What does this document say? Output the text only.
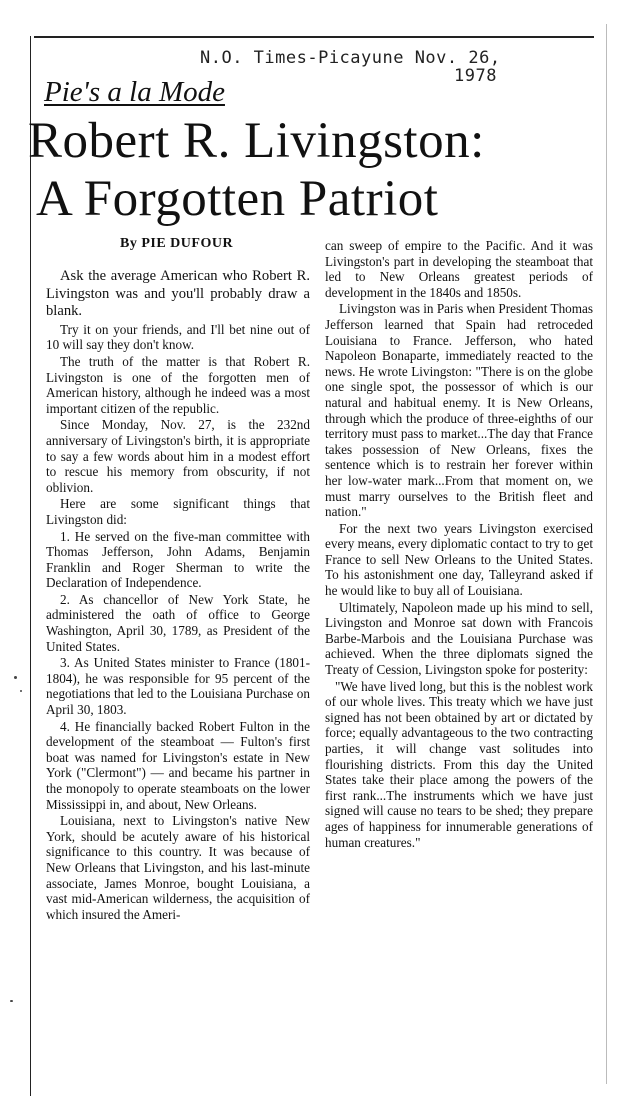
N.O. Times-Picayune Nov. 26,
1978
Pie's a la Mode
Robert R. Livingston:
A Forgotten Patriot
By PIE DUFOUR

Ask the average American who Robert R. Livingston was and you'll probably draw a blank.

Try it on your friends, and I'll bet nine out of 10 will say they don't know.

The truth of the matter is that Robert R. Livingston is one of the forgotten men of American history, although he indeed was a most important citizen of the republic.

Since Monday, Nov. 27, is the 232nd anniversary of Livingston's birth, it is appropriate to say a few words about him in a modest effort to rescue his memory from obscurity, if not oblivion.

Here are some significant things that Livingston did:

1. He served on the five-man committee with Thomas Jefferson, John Adams, Benjamin Franklin and Roger Sherman to write the Declaration of Independence.

2. As chancellor of New York State, he administered the oath of office to George Washington, April 30, 1789, as President of the United States.

3. As United States minister to France (1801-1804), he was responsible for 95 percent of the negotiations that led to the Louisiana Purchase on April 30, 1803.

4. He financially backed Robert Fulton in the development of the steamboat — Fulton's first boat was named for Livingston's estate in New York ("Clermont") — and became his partner in the monopoly to operate steamboats on the lower Mississippi in, and about, New Orleans.

Louisiana, next to Livingston's native New York, should be acutely aware of his historical significance to this country. It was because of New Orleans that Livingston, and his last-minute associate, James Monroe, bought Louisiana, a vast mid-American wilderness, the acquisition of which insured the Ameri-

can sweep of empire to the Pacific. And it was Livingston's part in developing the steamboat that led to New Orleans greatest periods of development in the 1840s and 1850s.

Livingston was in Paris when President Thomas Jefferson learned that Spain had retroceded Louisiana to France. Jefferson, who hated Napoleon Bonaparte, immediately reacted to the news. He wrote Livingston: "There is on the globe one single spot, the possessor of which is our natural and habitual enemy. It is New Orleans, through which the produce of three-eighths of our territory must pass to market...The day that France takes possession of New Orleans, fixes the sentence which is to restrain her forever within her low-water mark...From that moment on, we must marry ourselves to the British fleet and nation."

For the next two years Livingston exercised every means, every diplomatic contact to try to get France to sell New Orleans to the United States. To his astonishment one day, Talleyrand asked if he would like to buy all of Louisiana.

Ultimately, Napoleon made up his mind to sell, Livingston and Monroe sat down with Francois Barbe-Marbois and the Louisiana Purchase was achieved. When the three diplomats signed the Treaty of Cession, Livingston spoke for posterity:

"We have lived long, but this is the noblest work of our whole lives. This treaty which we have just signed has not been obtained by art or dictated by force; equally advantageous to the two contracting parties, it will change vast solitudes into flourishing districts. From this day the United States take their place among the powers of the first rank...The instruments which we have just signed will cause no tears to be shed; they prepare ages of happiness for innumerable generations of human creatures."
